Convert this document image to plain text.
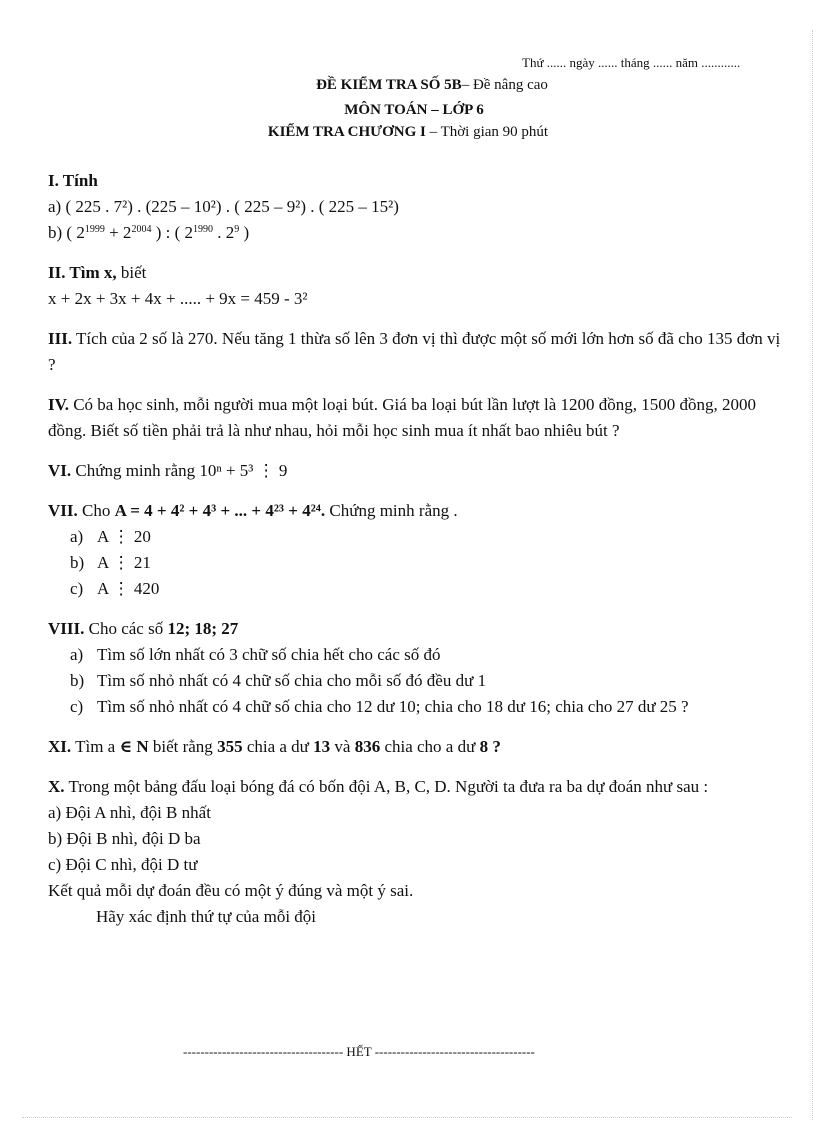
Thứ ...... ngày ...... tháng ...... năm ............
ĐỀ KIỂM TRA SỐ 5B– Đề nâng cao
MÔN TOÁN – LỚP 6
KIỂM TRA CHƯƠNG I – Thời gian 90 phút
I. Tính
a) ( 225 . 7²) . (225 – 10²) . ( 225 – 9²) . ( 225 – 15²)
b) ( $2^{1999} + 2^{2004}$ ) : ( $2^{1990}$ . $2^9$ )
II. Tìm x, biết
x + 2x + 3x + 4x + ..... + 9x = 459 - 3²
III. Tích của 2 số là 270. Nếu tăng 1 thừa số lên 3 đơn vị thì được một số mới lớn hơn số đã cho 135 đơn vị ?
IV. Có ba học sinh, mỗi người mua một loại bút. Giá ba loại bút lần lượt là 1200 đồng, 1500 đồng, 2000 đồng. Biết số tiền phải trả là như nhau, hỏi mỗi học sinh mua ít nhất bao nhiêu bút ?
VI. Chứng minh rằng 10ⁿ + 5³ ⋮ 9
VII. Cho A = 4 + 4² + 4³ + ... + 4²³ + 4²⁴. Chứng minh rằng .
a) A ⋮ 20
b) A ⋮ 21
c) A ⋮ 420
VIII. Cho các số 12; 18; 27
a) Tìm số lớn nhất có 3 chữ số chia hết cho các số đó
b) Tìm số nhỏ nhất có 4 chữ số chia cho mỗi số đó đều dư 1
c) Tìm số nhỏ nhất có 4 chữ số chia cho 12 dư 10; chia cho 18 dư 16; chia cho 27 dư 25 ?
XI. Tìm a ∈ N biết rằng 355 chia a dư 13 và 836 chia cho a dư 8 ?
X. Trong một bảng đấu loại bóng đá có bốn đội A, B, C, D. Người ta đưa ra ba dự đoán như sau :
a) Đội A nhì, đội B nhất
b) Đội B nhì, đội D ba
c) Đội C nhì, đội D tư
Kết quả mỗi dự đoán đều có một ý đúng và một ý sai.
Hãy xác định thứ tự của mỗi đội
------------------------------------- HẾT -------------------------------------
